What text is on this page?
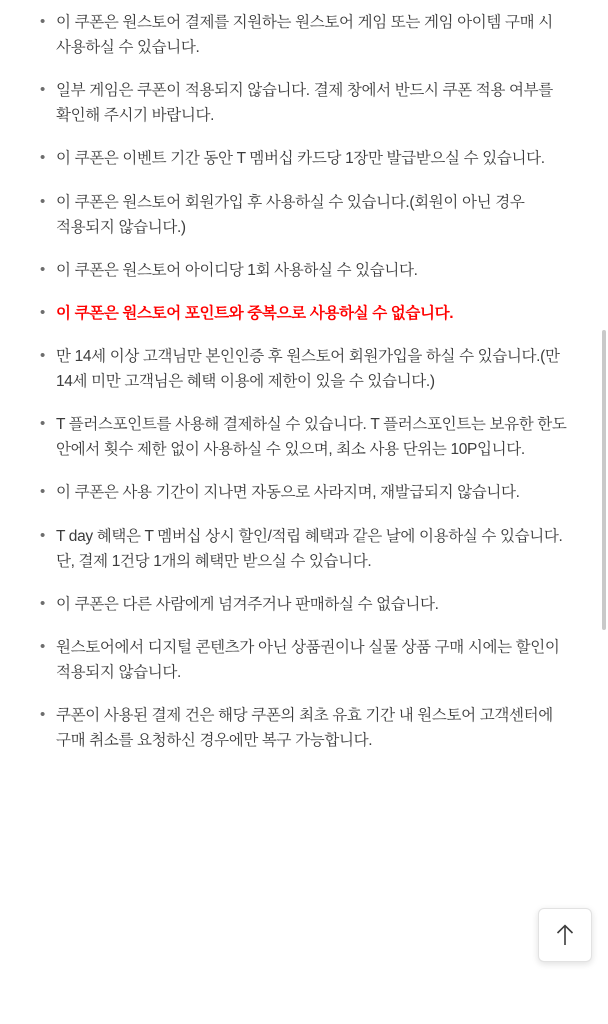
• 이 쿠폰은 원스토어 결제를 지원하는 원스토어 게임 또는 게임 아이템 구매 시 사용하실 수 있습니다.
• 일부 게임은 쿠폰이 적용되지 않습니다. 결제 창에서 반드시 쿠폰 적용 여부를 확인해 주시기 바랍니다.
• 이 쿠폰은 이벤트 기간 동안 T 멤버십 카드당 1장만 발급받으실 수 있습니다.
• 이 쿠폰은 원스토어 회원가입 후 사용하실 수 있습니다.(회원이 아닌 경우 적용되지 않습니다.)
• 이 쿠폰은 원스토어 아이디당 1회 사용하실 수 있습니다.
• 이 쿠폰은 원스토어 포인트와 중복으로 사용하실 수 없습니다.
• 만 14세 이상 고객님만 본인인증 후 원스토어 회원가입을 하실 수 있습니다.(만 14세 미만 고객님은 혜택 이용에 제한이 있을 수 있습니다.)
• T 플러스포인트를 사용해 결제하실 수 있습니다. T 플러스포인트는 보유한 한도 안에서 횟수 제한 없이 사용하실 수 있으며, 최소 사용 단위는 10P입니다.
• 이 쿠폰은 사용 기간이 지나면 자동으로 사라지며, 재발급되지 않습니다.
• T day 혜택은 T 멤버십 상시 할인/적립 혜택과 같은 날에 이용하실 수 있습니다. 단, 결제 1건당 1개의 혜택만 받으실 수 있습니다.
• 이 쿠폰은 다른 사람에게 넘겨주거나 판매하실 수 없습니다.
• 원스토어에서 디지털 콘텐츠가 아닌 상품권이나 실물 상품 구매 시에는 할인이 적용되지 않습니다.
• 쿠폰이 사용된 결제 건은 해당 쿠폰의 최초 유효 기간 내 원스토어 고객센터에 구매 취소를 요청하신 경우에만 복구 가능합니다.
